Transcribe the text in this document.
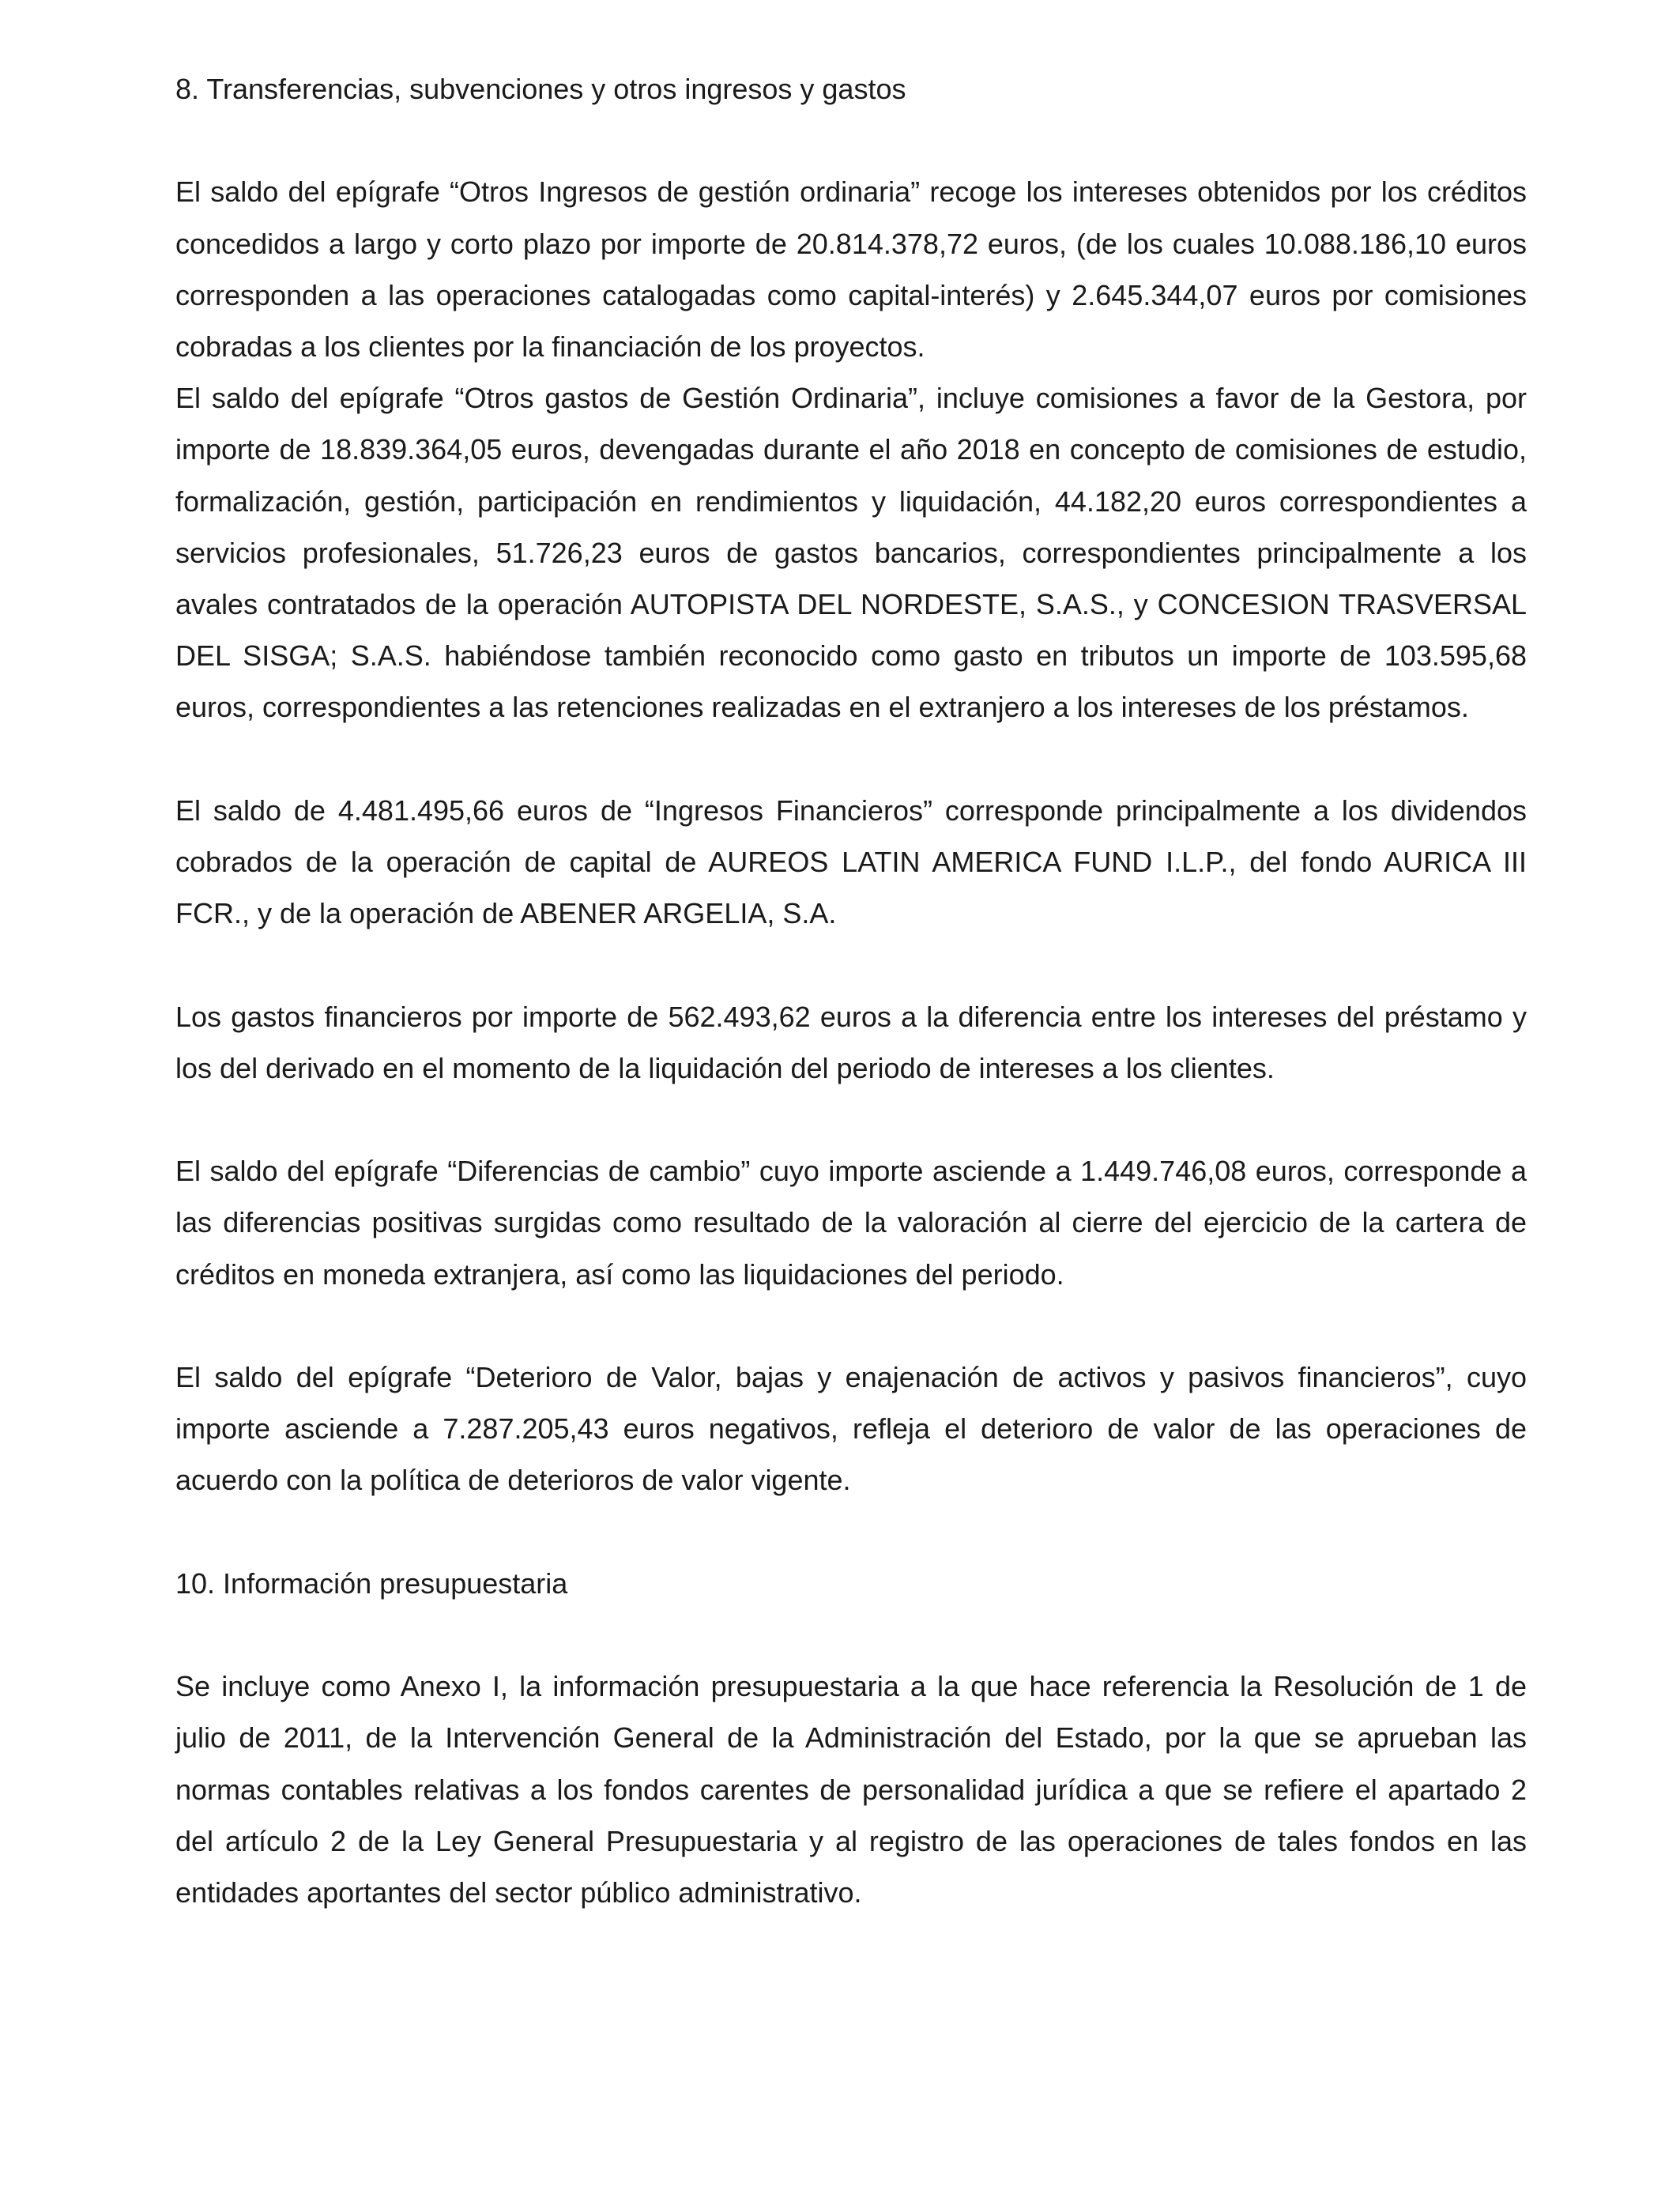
8. Transferencias, subvenciones y otros ingresos y gastos

El saldo del epígrafe “Otros Ingresos de gestión ordinaria” recoge los intereses obtenidos por los créditos concedidos a largo y corto plazo por importe de 20.814.378,72 euros, (de los cuales 10.088.186,10 euros corresponden a las operaciones catalogadas como capital-interés) y 2.645.344,07 euros por comisiones cobradas a los clientes por la financiación de los proyectos.

El saldo del epígrafe “Otros gastos de Gestión Ordinaria”, incluye comisiones a favor de la Gestora, por importe de 18.839.364,05 euros, devengadas durante el año 2018 en concepto de comisiones de estudio, formalización, gestión, participación en rendimientos y liquidación, 44.182,20 euros correspondientes a servicios profesionales, 51.726,23 euros de gastos bancarios, correspondientes principalmente a los avales contratados de la operación AUTOPISTA DEL NORDESTE, S.A.S., y CONCESION TRASVERSAL DEL SISGA; S.A.S. habiéndose también reconocido como gasto en tributos un importe de 103.595,68 euros, correspondientes a las retenciones realizadas en el extranjero a los intereses de los préstamos.

El saldo de 4.481.495,66 euros de “Ingresos Financieros” corresponde principalmente a los dividendos cobrados de la operación de capital de AUREOS LATIN AMERICA FUND I.L.P., del fondo AURICA III FCR., y de la operación de ABENER ARGELIA, S.A.

Los gastos financieros por importe de 562.493,62 euros a la diferencia entre los intereses del préstamo y los del derivado en el momento de la liquidación del periodo de intereses a los clientes.

El saldo del epígrafe “Diferencias de cambio” cuyo importe asciende a 1.449.746,08 euros, corresponde a las diferencias positivas surgidas como resultado de la valoración al cierre del ejercicio de la cartera de créditos en moneda extranjera, así como las liquidaciones del periodo.

El saldo del epígrafe “Deterioro de Valor, bajas y enajenación de activos y pasivos financieros”, cuyo importe asciende a 7.287.205,43 euros negativos, refleja el deterioro de valor de las operaciones de acuerdo con la política de deterioros de valor vigente.

10. Información presupuestaria

Se incluye como Anexo I, la información presupuestaria a la que hace referencia la Resolución de 1 de julio de 2011, de la Intervención General de la Administración del Estado, por la que se aprueban las normas contables relativas a los fondos carentes de personalidad jurídica a que se refiere el apartado 2 del artículo 2 de la Ley General Presupuestaria y al registro de las operaciones de tales fondos en las entidades aportantes del sector público administrativo.
